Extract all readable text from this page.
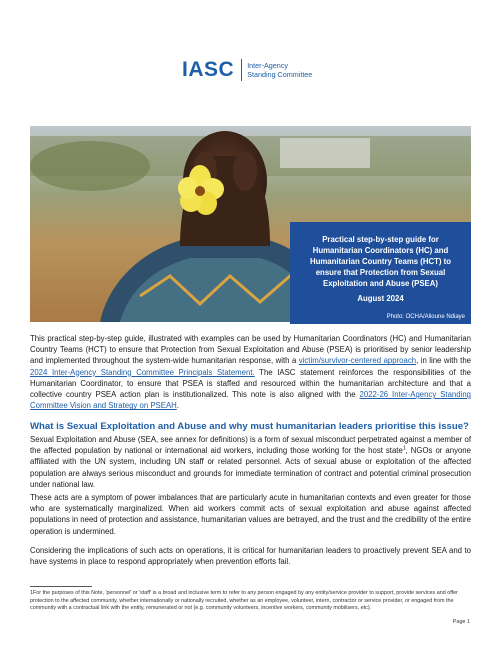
IASC Inter-Agency
Standing Committee
Practical step-by-step guide for Humanitarian Coordinators (HC) and Humanitarian Country Teams (HCT) to ensure that Protection from Sexual Exploitation and Abuse (PSEA)
August 2024
Photo: OCHA/Alioune Ndiaye
This practical step-by-step guide, illustrated with examples can be used by Humanitarian Coordinators (HC) and Humanitarian Country Teams (HCT) to ensure that Protection from Sexual Exploitation and Abuse (PSEA) is prioritised by senior leadership and implemented throughout the system-wide humanitarian response, with a victim/survivor-centered approach, in line with the 2024 Inter-Agency Standing Committee Principals Statement. The IASC statement reinforces the responsibilities of the Humanitarian Coordinator, to ensure that PSEA is staffed and resourced within the humanitarian architecture and that a collective country PSEA action plan is institutionalized. This note is also aligned with the 2022-26 Inter-Agency Standing Committee Vision and Strategy on PSEAH.
What is Sexual Exploitation and Abuse and why must humanitarian leaders prioritise this issue?
Sexual Exploitation and Abuse (SEA, see annex for definitions) is a form of sexual misconduct perpetrated against a member of the affected population by national or international aid workers, including those working for the host state$^1$, NGOs or anyone affiliated with the UN system, including UN staff or related personnel. Acts of sexual abuse or exploitation of the affected population are always serious misconduct and grounds for immediate termination of contract and potential criminal prosecution under national law.
These acts are a symptom of power imbalances that are particularly acute in humanitarian contexts and even greater for those who are systematically marginalized. When aid workers commit acts of sexual exploitation and abuse against affected populations in need of protection and assistance, humanitarian values are betrayed, and the trust and the credibility of the entire operation is undermined.
Considering the implications of such acts on operations, it is critical for humanitarian leaders to proactively prevent SEA and to have systems in place to respond appropriately when prevention efforts fail.
1For the purposes of this Note, 'personnel' or 'staff' is a broad and inclusive term to refer to any person engaged by any entity/service provider to support, provide services and offer protection to the affected community, whether internationally or nationally recruited, whether as an employee, volunteer, intern, contractor or service provider, or engaged from the community with a contractual link with the entity, remunerated or not (e.g. community volunteers, incentive workers, community mobilisers, etc).
Page 1
